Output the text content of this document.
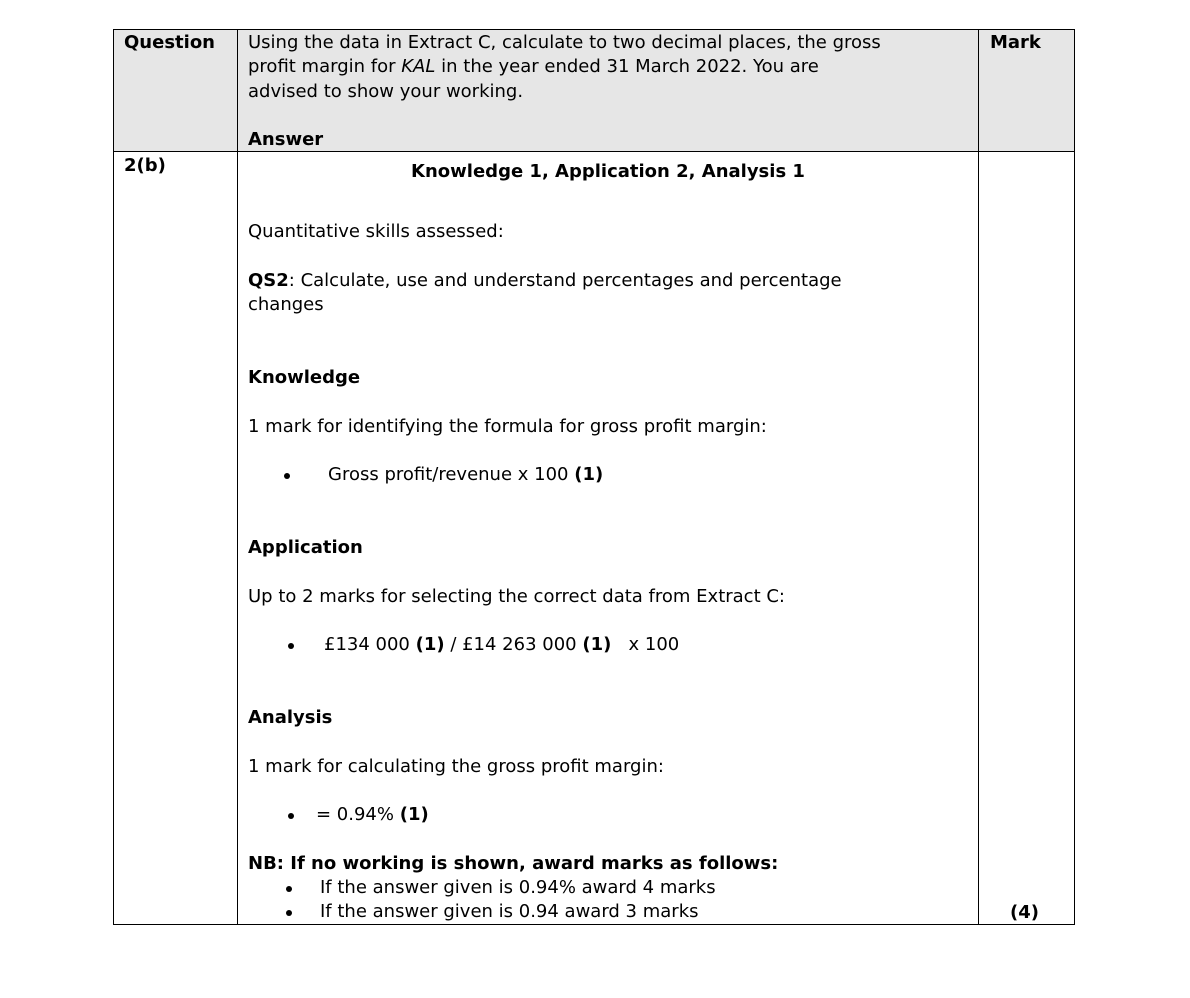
Question Using the data in Extract C, calculate to two decimal places, the gross
profit margin for KAL in the year ended 31 March 2022. You are
advised to show your working.
Answer
Mark
2(b)	Knowledge 1, Application 2, Analysis 1
Quantitative skills assessed:
QS2: Calculate, use and understand percentages and percentage
changes
Knowledge
1 mark for identifying the formula for gross profit margin:
Gross profit/revenue x 100 (1)
Application
Up to 2 marks for selecting the correct data from Extract C:
£134 000 (1) / £14 263 000 (1)   x 100
Analysis
1 mark for calculating the gross profit margin:
= 0.94% (1)
NB: If no working is shown, award marks as follows:
If the answer given is 0.94% award 4 marks
If the answer given is 0.94 award 3 marks	(4)
